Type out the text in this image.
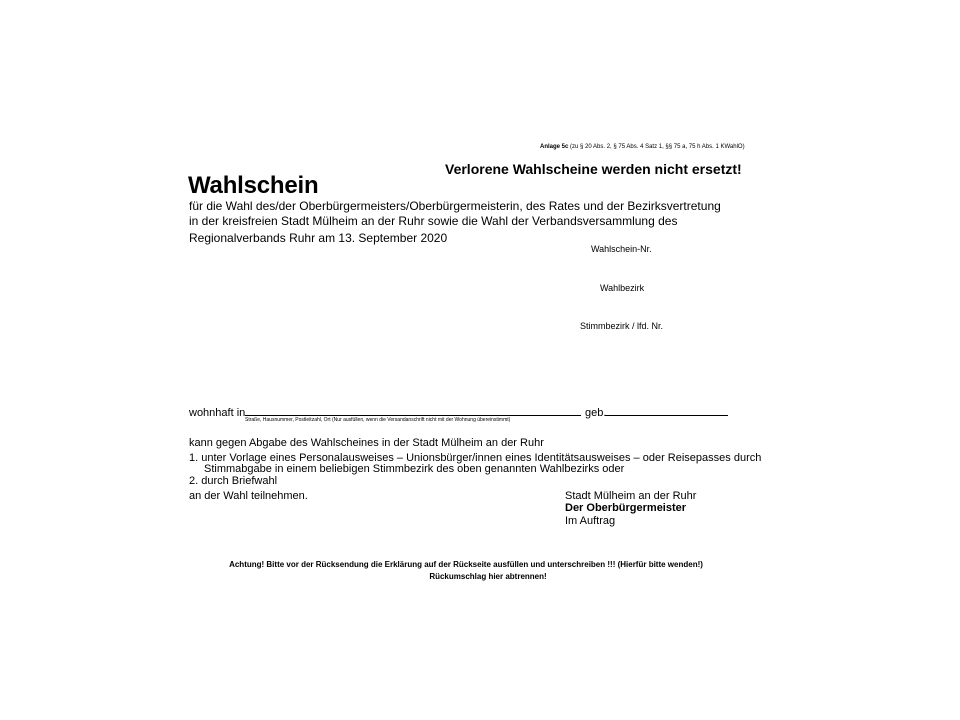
Anlage 5c (zu § 20 Abs. 2, § 75 Abs. 4 Satz 1, §§ 75 a, 75 h Abs. 1 KWahlO)
Verlorene Wahlscheine werden nicht ersetzt!
Wahlschein
für die Wahl des/der Oberbürgermeisters/Oberbürgermeisterin, des Rates und der Bezirksvertretung
in der kreisfreien Stadt Mülheim an der Ruhr sowie die Wahl der Verbandsversammlung des
Regionalverbands Ruhr am 13. September 2020
Wahlschein-Nr.
Wahlbezirk
Stimmbezirk / lfd. Nr.
wohnhaft in
Straße, Hausnummer, Postleitzahl, Ort (Nur ausfüllen, wenn die Versandanschrift nicht mit der Wohnung übereinstimmt)
geb.
kann gegen Abgabe des Wahlscheines in der Stadt Mülheim an der Ruhr
1. unter Vorlage eines Personalausweises – Unionsbürger/innen eines Identitätsausweises – oder Reisepasses durch
Stimmabgabe in einem beliebigen Stimmbezirk des oben genannten Wahlbezirks oder
2. durch Briefwahl
an der Wahl teilnehmen.	Stadt Mülheim an der Ruhr
Der Oberbürgermeister
Im Auftrag
Achtung! Bitte vor der Rücksendung die Erklärung auf der Rückseite ausfüllen und unterschreiben !!! (Hierfür bitte wenden!)
Rückumschlag hier abtrennen!
